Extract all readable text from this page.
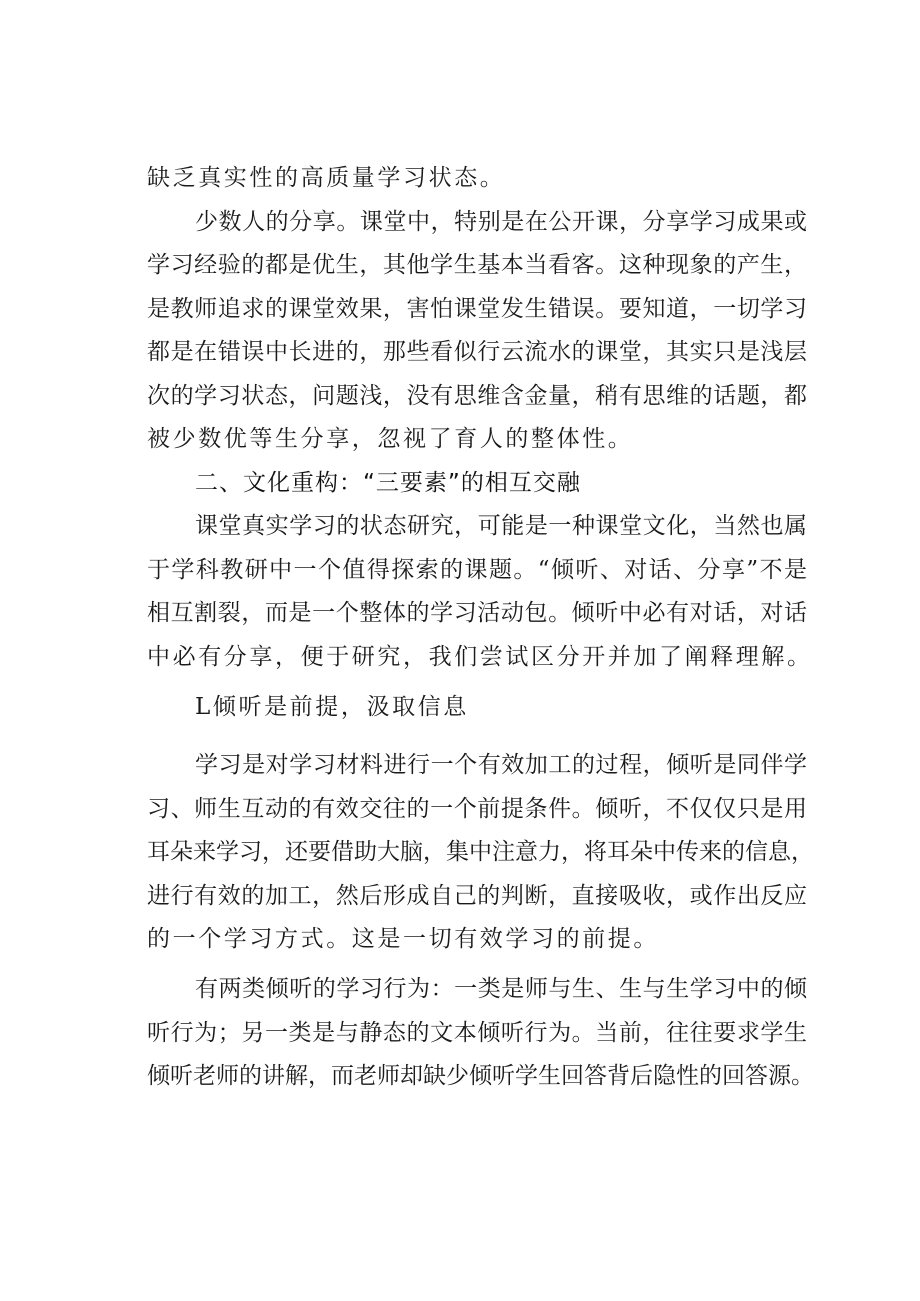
缺乏真实性的高质量学习状态。
少数人的分享。课堂中，特别是在公开课，分享学习成果或
学习经验的都是优生，其他学生基本当看客。这种现象的产生，
是教师追求的课堂效果，害怕课堂发生错误。要知道，一切学习
都是在错误中长进的，那些看似行云流水的课堂，其实只是浅层
次的学习状态，问题浅，没有思维含金量，稍有思维的话题，都
被少数优等生分享，忽视了育人的整体性。
二、文化重构：“三要素”的相互交融
课堂真实学习的状态研究，可能是一种课堂文化，当然也属
于学科教研中一个值得探索的课题。“倾听、对话、分享”不是
相互割裂，而是一个整体的学习活动包。倾听中必有对话，对话
中必有分享，便于研究，我们尝试区分开并加了阐释理解。
L倾听是前提，汲取信息
学习是对学习材料进行一个有效加工的过程，倾听是同伴学
习、师生互动的有效交往的一个前提条件。倾听，不仅仅只是用
耳朵来学习，还要借助大脑，集中注意力，将耳朵中传来的信息，
进行有效的加工，然后形成自己的判断，直接吸收，或作出反应
的一个学习方式。这是一切有效学习的前提。
有两类倾听的学习行为：一类是师与生、生与生学习中的倾
听行为；另一类是与静态的文本倾听行为。当前，往往要求学生
倾听老师的讲解，而老师却缺少倾听学生回答背后隐性的回答源。
